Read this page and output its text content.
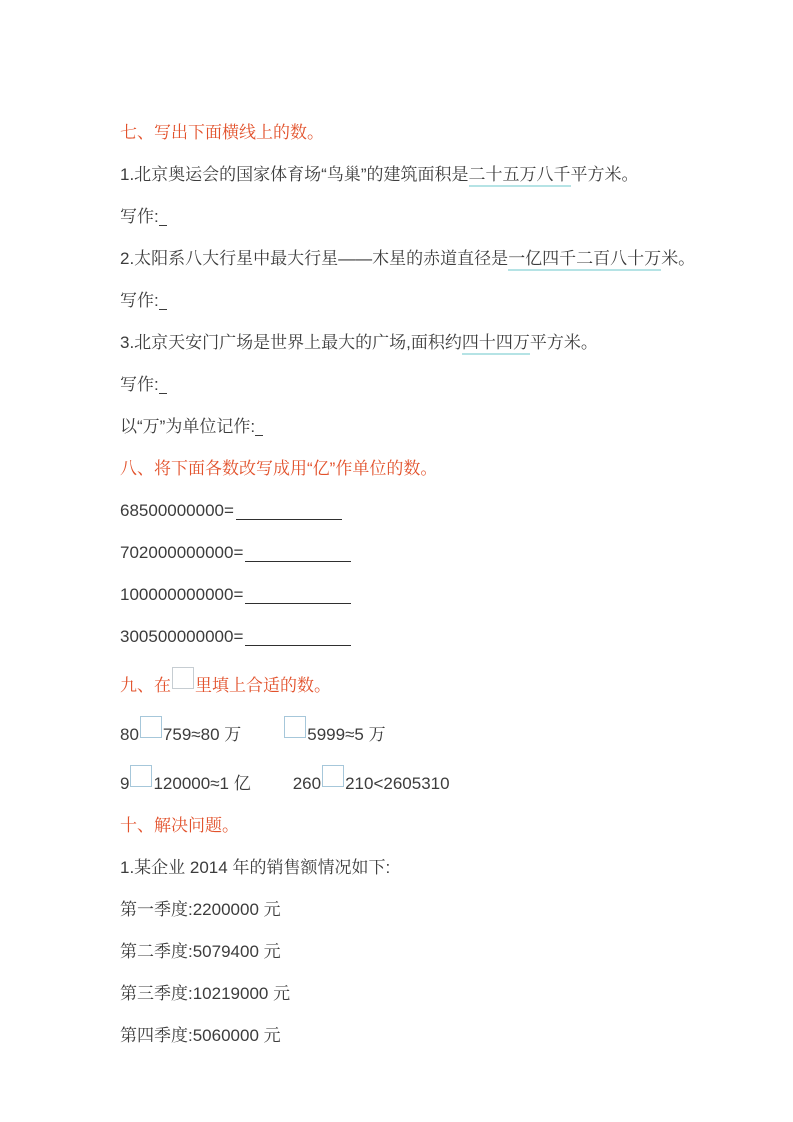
七、写出下面横线上的数。

1.北京奥运会的国家体育场“鸟巢”的建筑面积是二十五万八千平方米。

写作:

2.太阳系八大行星中最大行星——木星的赤道直径是一亿四千二百八十万米。

写作:

3.北京天安门广场是世界上最大的广场,面积约四十四万平方米。

写作:

以“万”为单位记作:

八、将下面各数改写成用“亿”作单位的数。

68500000000=

702000000000=

100000000000=

300500000000=

九、在 里填上合适的数。

80 759≈80 万	5999≈5 万

9 120000≈1 亿 260 210<2605310

十、解决问题。

1.某企业 2014 年的销售额情况如下:

第一季度:2200000 元

第二季度:5079400 元

第三季度:10219000 元

第四季度:5060000 元
